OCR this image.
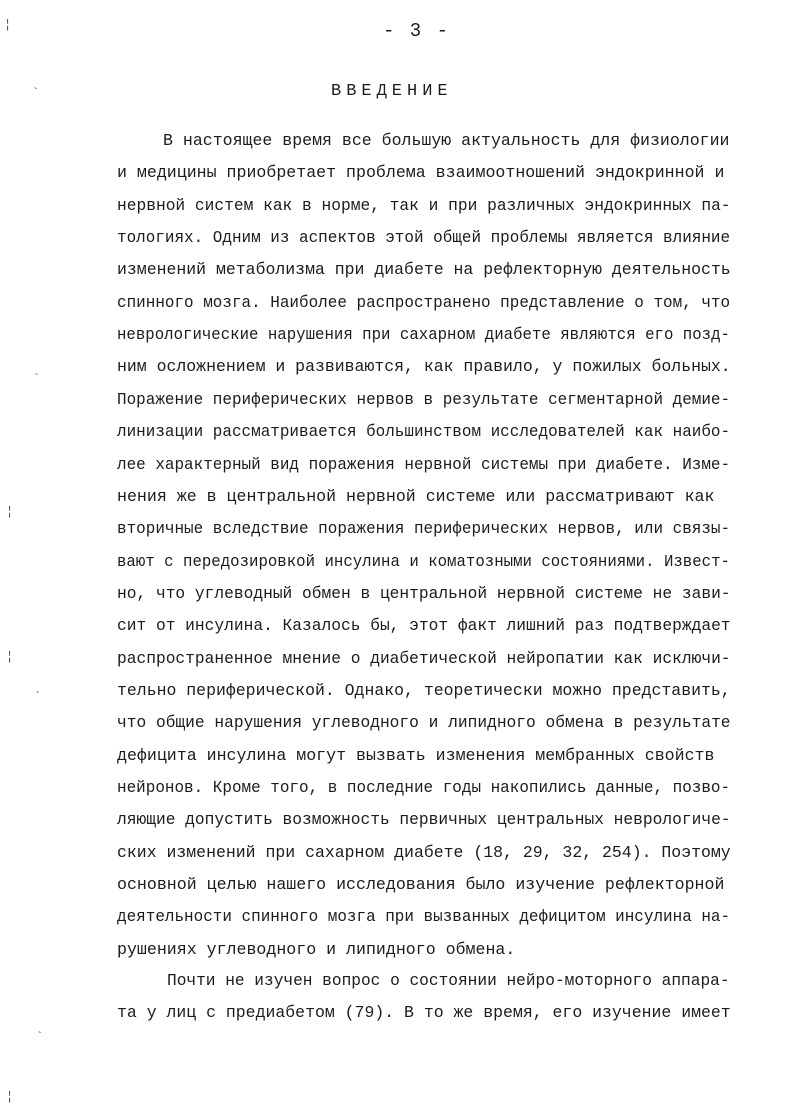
- 3 -
ВВЕДЕНИЕ
В настоящее время все большую актуальность для физиологии
и медицины приобретает проблема взаимоотношений эндокринной и
нервной систем как в норме, так и при различных эндокринных па-
тологиях. Одним из аспектов этой общей проблемы является влияние
изменений метаболизма при диабете на рефлекторную деятельность
спинного мозга. Наиболее распространено представление о том, что
неврологические нарушения при сахарном диабете являются его позд-
ним осложнением и развиваются, как правило, у пожилых больных.
Поражение периферических нервов в результате сегментарной демие-
линизации рассматривается большинством исследователей как наибо-
лее характерный вид поражения нервной системы при диабете. Изме-
нения же в центральной нервной системе или рассматривают как
вторичные вследствие поражения периферических нервов, или связы-
вают с передозировкой инсулина и коматозными состояниями. Извест-
но, что углеводный обмен в центральной нервной системе не зави-
сит от инсулина. Казалось бы, этот факт лишний раз подтверждает
распространенное мнение о диабетической нейропатии как исключи-
тельно периферической. Однако, теоретически можно представить,
что общие нарушения углеводного и липидного обмена в результате
дефицита инсулина могут вызвать изменения мембранных свойств
нейронов. Кроме того, в последние годы накопились данные, позво-
ляющие допустить возможность первичных центральных неврологиче-
ских изменений при сахарном диабете (18, 29, 32, 254). Поэтому
основной целью нашего исследования было изучение рефлекторной
деятельности спинного мозга при вызванных дефицитом инсулина на-
рушениях углеводного и липидного обмена.
Почти не изучен вопрос о состоянии нейро-моторного аппара-
та у лиц с предиабетом (79). В то же время, его изучение имеет
¦
`
`
¦
¦
`
`
¦
